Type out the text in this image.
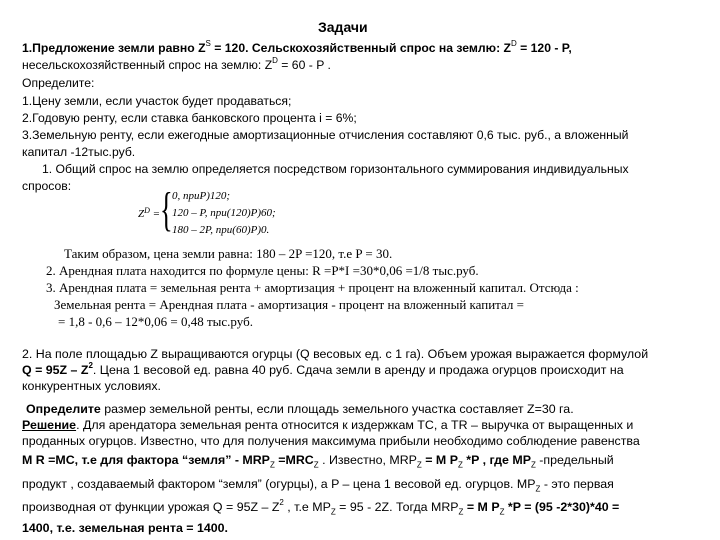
Задачи
1.Предложение земли равно $Z^S = 120$. Сельскохозяйственный спрос на землю: $Z^D = 120 - P$,
несельскохозяйственный спрос на землю: $Z^D = 60 - P$ .
Определите:
1.Цену земли, если участок будет продаваться;
2.Годовую ренту, если ставка банковского процента i = 6%;
3.Земельную ренту, если ежегодные амортизационные отчисления составляют 0,6 тыс. руб., а вложенный
капитал -12тыс.руб.
1. Общий спрос на землю определяется посредством горизонтального суммирования индивидуальных
спросов:
$Z^D$ = { 0, приP)120;
120 – P, при(120)P)60;
180 – 2P, при(60)P)0.
Таким образом, цена земли равна: 180 – 2P =120, т.е P = 30.
2. Арендная плата находится по формуле цены: R =P*I =30*0,06 =1/8 тыс.руб.
3. Арендная плата = земельная рента + амортизация + процент на вложенный капитал. Отсюда :
Земельная рента = Арендная плата - амортизация - процент на вложенный капитал =
= 1,8 - 0,6 – 12*0,06 = 0,48 тыс.руб.
2. На поле площадью Z выращиваются огурцы (Q весовых ед. с 1 га). Объем урожая выражается формулой
$Q = 95Z - Z^2$. Цена 1 весовой ед. равна 40 руб. Сдача земли в аренду и продажа огурцов происходит на
конкурентных условиях.
Определите размер земельной ренты, если площадь земельного участка составляет Z=30 га.
Решение. Для арендатора земельная рента относится к издержкам TC, а TR – выручка от выращенных и
проданных огурцов. Известно, что для получения максимума прибыли необходимо соблюдение равенства
M R =MC, т.е для фактора “земля” - $MRP_Z =MRC_Z$ . Известно, $MRP_Z = M$ $P_Z$ *P , где $MP_Z$ -предельный
продукт , создаваемый фактором “земля” (огурцы), а P – цена 1 весовой ед. огурцов. $MP_Z$ - это первая
производная от функции урожая $Q = 95Z - Z^2$ , т.е $MP_Z = 95 - 2Z$. Тогда $MRP_Z = M$ $P_Z$ *P = (95 -2*30)*40 =
1400, т.е. земельная рента = 1400.
